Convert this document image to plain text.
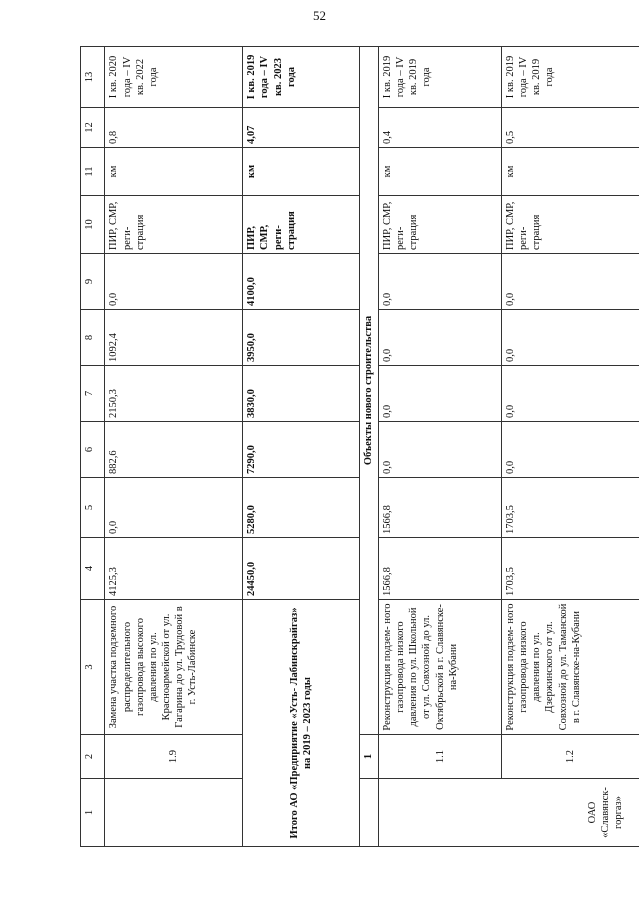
52
1	2	3	4	5	6	7	8	9	10	11	12	13
	1.9	Замена участка подземного распределительного газопровода высокого давления по ул. Красноармейской от ул. Гагарина до ул. Трудовой в г. Усть-Лабинске	4125,3	0,0	882,6	2150,3	1092,4	0,0	ПИР, СМР, реги- страция	км	0,8	I кв. 2020 года – IV кв. 2022 года
Итого АО «Предприятие «Усть- Лабинскрайгаз» на 2019 – 2023 годы			24450,0	5280,0	7290,0	3830,0	3950,0	4100,0	ПИР, СМР, реги- страция	км	4,07	I кв. 2019 года – IV кв. 2023 года
	1	Объекты нового строительства										
ОАО «Славянск- горгаз»	1.1	Реконструкция подзем- ного газопровода низкого давления по ул. Школьной от ул. Совхозной до ул. Октябрьской в г. Славянске-на-Кубани	1566,8	1566,8	0,0	0,0	0,0	0,0	ПИР, СМР, реги- страция	км	0,4	I кв. 2019 года – IV кв. 2019 года
	1.2	Реконструкция подзем- ного газопровода низкого давления по ул. Дзержинского от ул. Совхозной до ул. Таманской в г. Славянске-на-Кубани	1703,5	1703,5	0,0	0,0	0,0	0,0	ПИР, СМР, реги- страция	км	0,5	I кв. 2019 года – IV кв. 2019 года
